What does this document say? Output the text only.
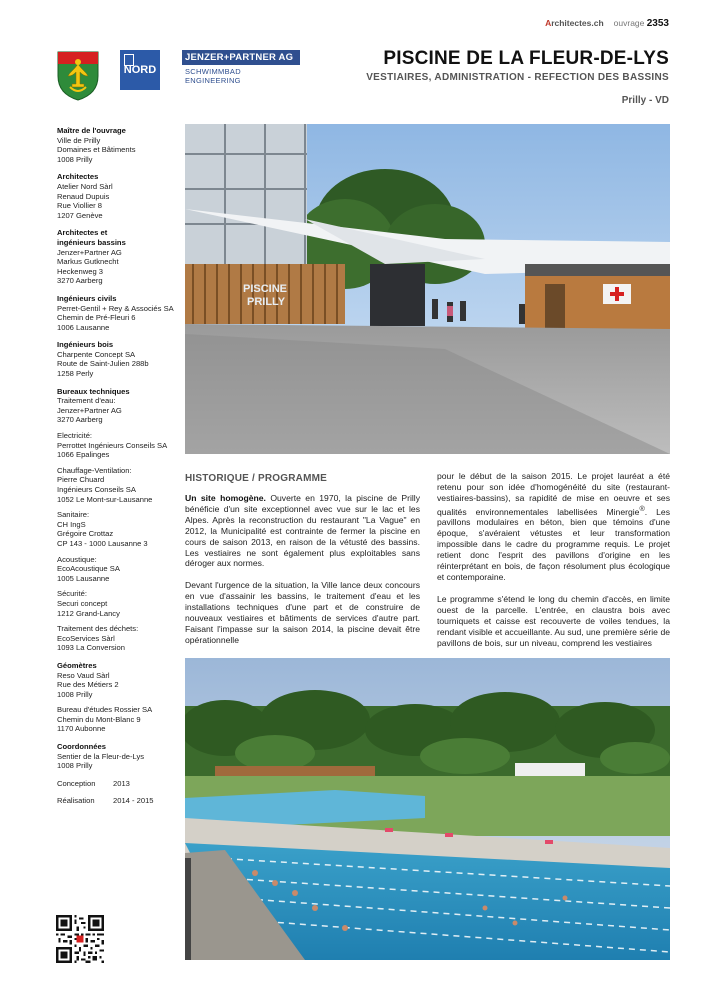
Architectes.ch ouvrage 2353
NORD
JENZER+PARTNER AG
SCHWIMMBAD ENGINEERING
PISCINE DE LA FLEUR-DE-LYS
VESTIAIRES, ADMINISTRATION - REFECTION DES BASSINS
Prilly - VD
Maître de l'ouvrage
Ville de Prilly
Domaines et Bâtiments
1008 Prilly
Architectes
Atelier Nord Sàrl
Renaud Dupuis
Rue Viollier 8
1207 Genève
Architectes et
ingénieurs bassins
Jenzer+Partner AG
Markus Gutknecht
Heckenweg 3
3270 Aarberg
Ingénieurs civils
Perret-Gentil + Rey & Associés SA
Chemin de Pré-Fleuri 6
1006 Lausanne
Ingénieurs bois
Charpente Concept SA
Route de Saint-Julien 288b
1258 Perly
Bureaux techniques
Traitement d'eau:
Jenzer+Partner AG
3270 Aarberg
Electricité:
Perrottet Ingénieurs Conseils SA
1066 Epalinges
Chauffage-Ventilation:
Pierre Chuard
Ingénieurs Conseils SA
1052 Le Mont-sur-Lausanne
Sanitaire:
CH IngS
Grégoire Crottaz
CP 143 - 1000 Lausanne 3
Acoustique:
EcoAcoustique SA
1005 Lausanne
Sécurité:
Securi concept
1212 Grand-Lancy
Traitement des déchets:
EcoServices Sàrl
1093 La Conversion
Géomètres
Reso Vaud Sàrl
Rue des Métiers 2
1008 Prilly
Bureau d'études Rossier SA
Chemin du Mont-Blanc 9
1170 Aubonne
Coordonnées
Sentier de la Fleur-de-Lys
1008 Prilly
Conception	2013
Réalisation	2014 - 2015
PISCINE
PRILLY
HISTORIQUE / PROGRAMME

Un site homogène. Ouverte en 1970, la piscine de Prilly bénéficie d'un site exceptionnel avec vue sur le lac et les Alpes. Après la reconstruction du restaurant "La Vague" en 2012, la Municipalité est contrainte de fermer la piscine en cours de saison 2013, en raison de la vétusté des bassins. Les vestiaires ne sont également plus exploitables sans déroger aux normes.

Devant l'urgence de la situation, la Ville lance deux concours en vue d'assainir les bassins, le traitement d'eau et les installations techniques d'une part et de construire de nouveaux vestiaires et bâtiments de services d'autre part. Faisant l'impasse sur la saison 2014, la piscine devait être opérationnelle

pour le début de la saison 2015. Le projet lauréat a été retenu pour son idée d'homogénéité du site (restaurant-vestiaires-bassins), sa rapidité de mise en oeuvre et ses qualités environnementales labellisées Minergie®. Les pavillons modulaires en béton, bien que témoins d'une époque, s'avéraient vétustes et leur transformation impossible dans le cadre du programme requis. Le projet retient donc l'esprit des pavillons d'origine en les réinterprétant en bois, de façon résolument plus écologique et contemporaine.

Le programme s'étend le long du chemin d'accès, en limite ouest de la parcelle. L'entrée, en claustra bois avec tourniquets et caisse est recouverte de voiles tendues, la rendant visible et accueillante. Au sud, une première série de pavillons de bois, sur un niveau, comprend les vestiaires
